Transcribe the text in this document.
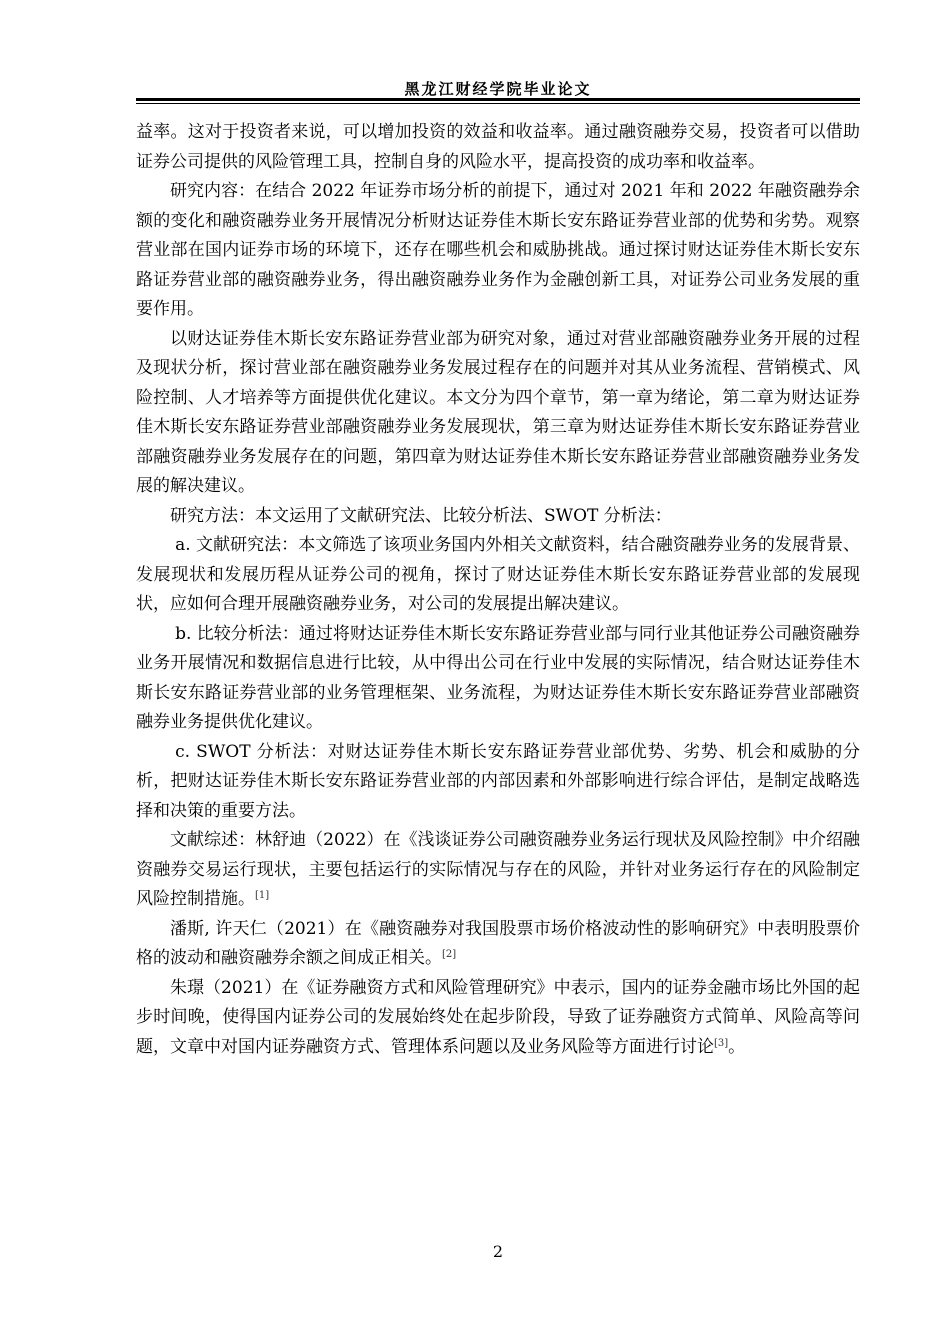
黑龙江财经学院毕业论文

益率。这对于投资者来说，可以增加投资的效益和收益率。通过融资融券交易，投资者可以借助证券公司提供的风险管理工具，控制自身的风险水平，提高投资的成功率和收益率。

研究内容：在结合 2022 年证券市场分析的前提下，通过对 2021 年和 2022 年融资融券余额的变化和融资融券业务开展情况分析财达证券佳木斯长安东路证券营业部的优势和劣势。观察营业部在国内证券市场的环境下，还存在哪些机会和威胁挑战。通过探讨财达证券佳木斯长安东路证券营业部的融资融券业务，得出融资融券业务作为金融创新工具，对证券公司业务发展的重要作用。

以财达证券佳木斯长安东路证券营业部为研究对象，通过对营业部融资融券业务开展的过程及现状分析，探讨营业部在融资融券业务发展过程存在的问题并对其从业务流程、营销模式、风险控制、人才培养等方面提供优化建议。本文分为四个章节，第一章为绪论，第二章为财达证券佳木斯长安东路证券营业部融资融券业务发展现状，第三章为财达证券佳木斯长安东路证券营业部融资融券业务发展存在的问题，第四章为财达证券佳木斯长安东路证券营业部融资融券业务发展的解决建议。

研究方法：本文运用了文献研究法、比较分析法、SWOT 分析法：

a. 文献研究法：本文筛选了该项业务国内外相关文献资料，结合融资融券业务的发展背景、发展现状和发展历程从证券公司的视角，探讨了财达证券佳木斯长安东路证券营业部的发展现状，应如何合理开展融资融券业务，对公司的发展提出解决建议。

b. 比较分析法：通过将财达证券佳木斯长安东路证券营业部与同行业其他证券公司融资融券业务开展情况和数据信息进行比较，从中得出公司在行业中发展的实际情况，结合财达证券佳木斯长安东路证券营业部的业务管理框架、业务流程，为财达证券佳木斯长安东路证券营业部融资融券业务提供优化建议。

c. SWOT 分析法：对财达证券佳木斯长安东路证券营业部优势、劣势、机会和威胁的分析，把财达证券佳木斯长安东路证券营业部的内部因素和外部影响进行综合评估，是制定战略选择和决策的重要方法。

文献综述：林舒迪（2022）在《浅谈证券公司融资融券业务运行现状及风险控制》中介绍融资融券交易运行现状，主要包括运行的实际情况与存在的风险，并针对业务运行存在的风险制定风险控制措施。[1]

潘斯, 许天仁（2021）在《融资融券对我国股票市场价格波动性的影响研究》中表明股票价格的波动和融资融券余额之间成正相关。[2]

朱璟（2021）在《证券融资方式和风险管理研究》中表示，国内的证券金融市场比外国的起步时间晚，使得国内证券公司的发展始终处在起步阶段，导致了证券融资方式简单、风险高等问题，文章中对国内证券融资方式、管理体系问题以及业务风险等方面进行讨论[3]。

2
